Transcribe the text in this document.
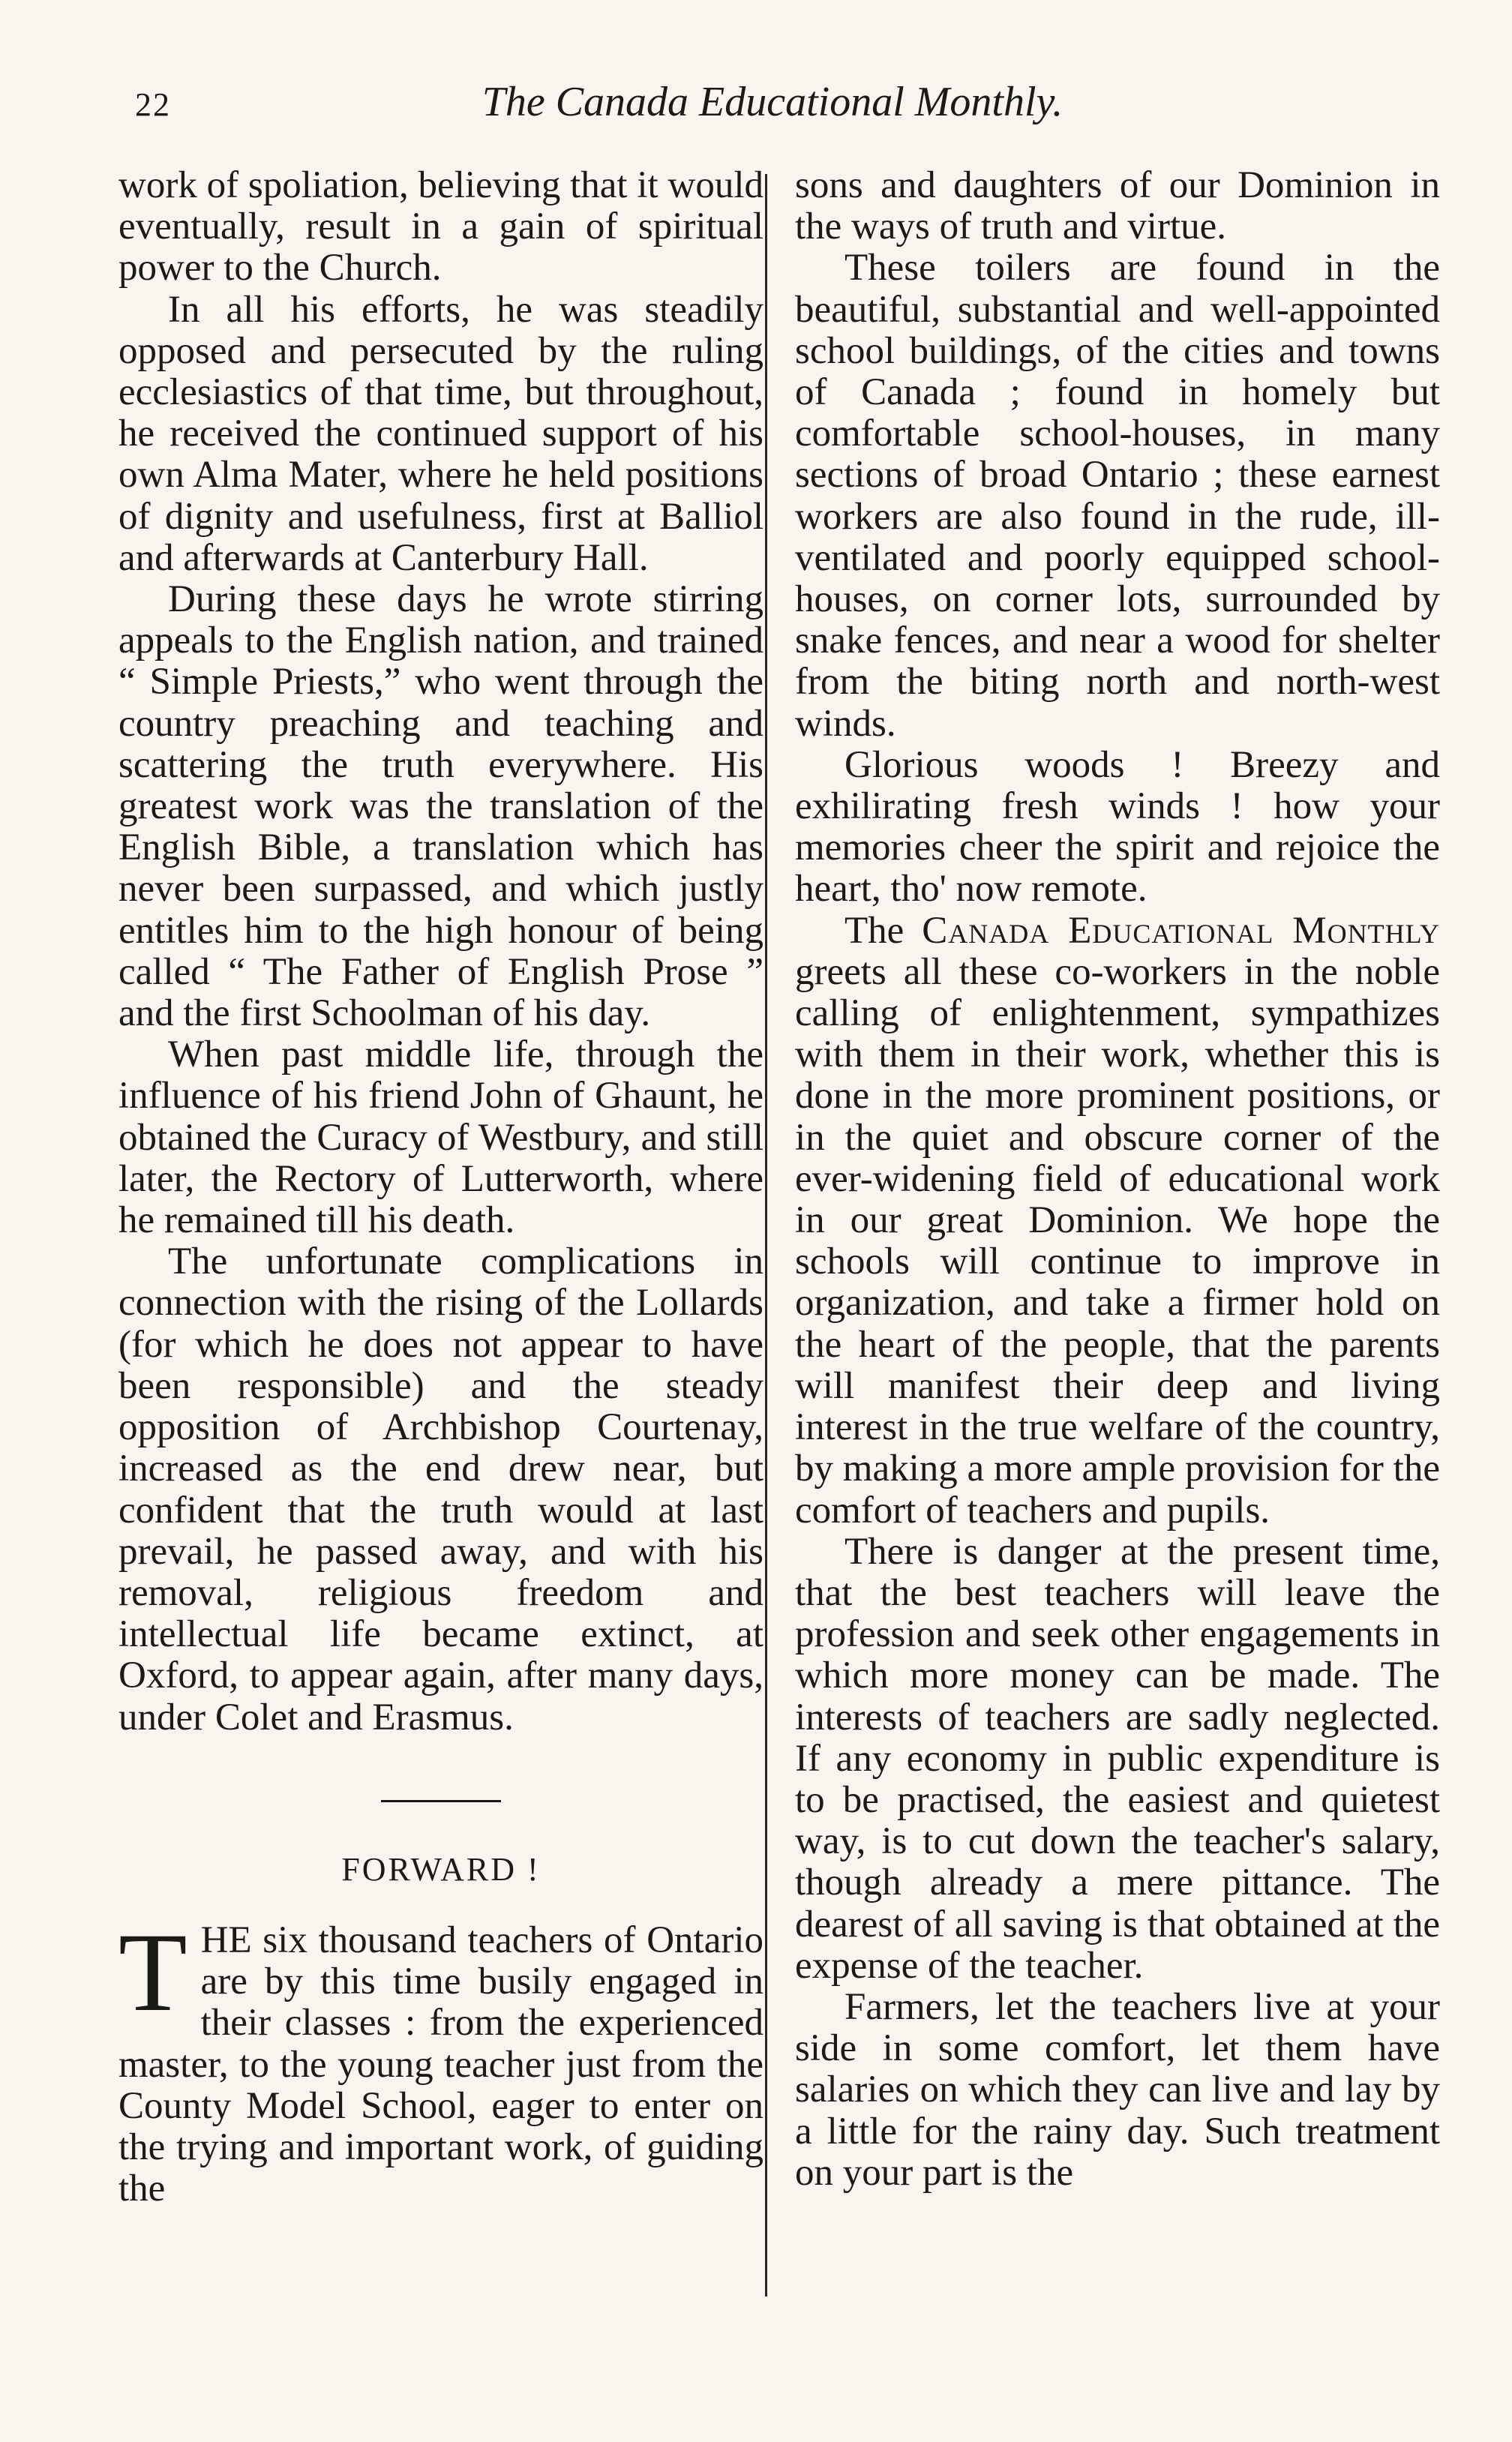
22	The Canada Educational Monthly.

work of spoliation, believing that it would eventually, result in a gain of spiritual power to the Church.

In all his efforts, he was steadily opposed and persecuted by the ruling ecclesiastics of that time, but throughout, he received the continued support of his own Alma Mater, where he held positions of dignity and usefulness, first at Balliol and afterwards at Canterbury Hall.

During these days he wrote stirring appeals to the English nation, and trained “ Simple Priests,” who went through the country preaching and teaching and scattering the truth everywhere. His greatest work was the translation of the English Bible, a translation which has never been surpassed, and which justly entitles him to the high honour of being called “ The Father of English Prose ” and the first Schoolman of his day.

When past middle life, through the influence of his friend John of Ghaunt, he obtained the Curacy of Westbury, and still later, the Rectory of Lutterworth, where he remained till his death.

The unfortunate complications in connection with the rising of the Lollards (for which he does not appear to have been responsible) and the steady opposition of Archbishop Courtenay, increased as the end drew near, but confident that the truth would at last prevail, he passed away, and with his removal, religious freedom and intellectual life became extinct, at Oxford, to appear again, after many days, under Colet and Erasmus.

FORWARD !

THE six thousand teachers of Ontario are by this time busily engaged in their classes : from the experienced master, to the young teacher just from the County Model School, eager to enter on the trying and important work, of guiding the

sons and daughters of our Dominion in the ways of truth and virtue.

These toilers are found in the beautiful, substantial and well-appointed school buildings, of the cities and towns of Canada ; found in homely but comfortable school-houses, in many sections of broad Ontario ; these earnest workers are also found in the rude, ill-ventilated and poorly equipped school-houses, on corner lots, surrounded by snake fences, and near a wood for shelter from the biting north and north-west winds.

Glorious woods ! Breezy and exhilirating fresh winds ! how your memories cheer the spirit and rejoice the heart, tho' now remote.

The Canada Educational Monthly greets all these co-workers in the noble calling of enlightenment, sympathizes with them in their work, whether this is done in the more prominent positions, or in the quiet and obscure corner of the ever-widening field of educational work in our great Dominion. We hope the schools will continue to improve in organization, and take a firmer hold on the heart of the people, that the parents will manifest their deep and living interest in the true welfare of the country, by making a more ample provision for the comfort of teachers and pupils.

There is danger at the present time, that the best teachers will leave the profession and seek other engagements in which more money can be made. The interests of teachers are sadly neglected. If any economy in public expenditure is to be practised, the easiest and quietest way, is to cut down the teacher's salary, though already a mere pittance. The dearest of all saving is that obtained at the expense of the teacher.

Farmers, let the teachers live at your side in some comfort, let them have salaries on which they can live and lay by a little for the rainy day. Such treatment on your part is the
